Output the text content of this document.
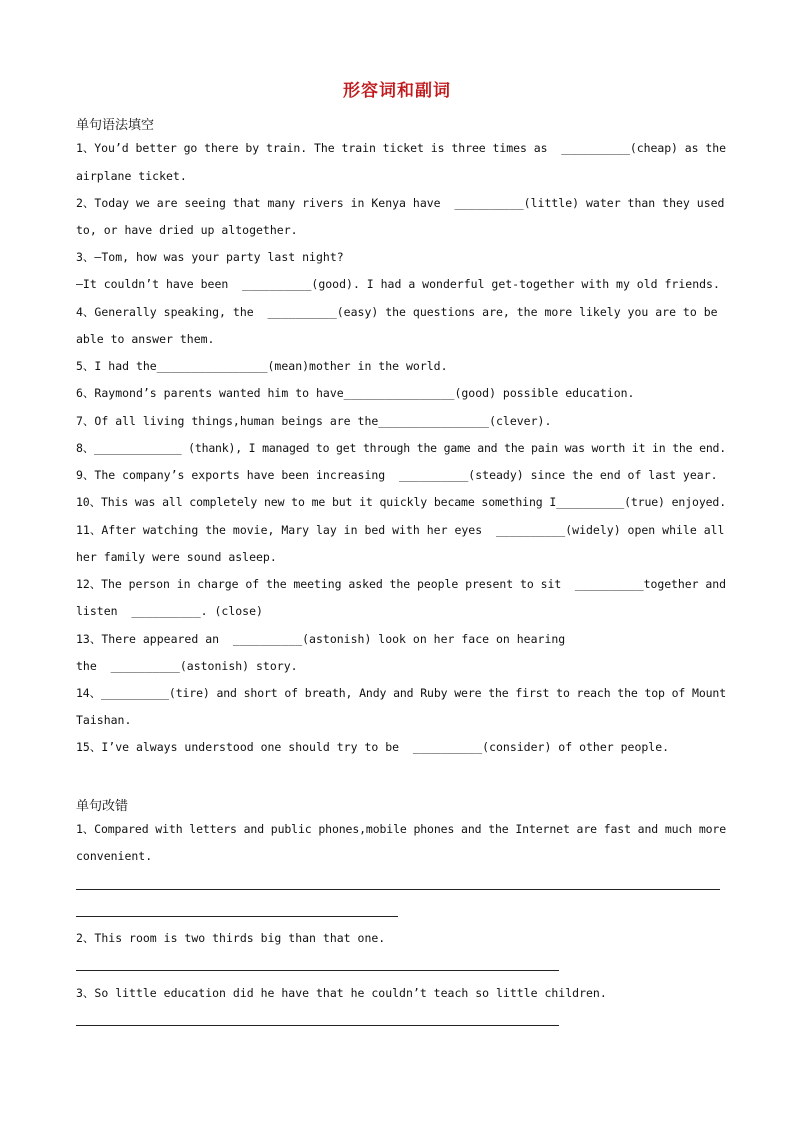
形容词和副词
单句语法填空
1、You’d better go there by train. The train ticket is three times as  __________(cheap) as the
airplane ticket.
2、Today we are seeing that many rivers in Kenya have  __________(little) water than they used
to, or have dried up altogether.
3、—Tom, how was your party last night?
—It couldn’t have been  __________(good). I had a wonderful get-together with my old friends.
4、Generally speaking, the  __________(easy) the questions are, the more likely you are to be
able to answer them.
5、I had the________________(mean)mother in the world.
6、Raymond’s parents wanted him to have________________(good) possible education.
7、Of all living things,human beings are the________________(clever).
8、_____________ (thank), I managed to get through the game and the pain was worth it in the end.
9、The company’s exports have been increasing  __________(steady) since the end of last year.
10、This was all completely new to me but it quickly became something I__________(true) enjoyed.
11、After watching the movie, Mary lay in bed with her eyes  __________(widely) open while all
her family were sound asleep.
12、The person in charge of the meeting asked the people present to sit  __________together and
listen  __________. (close)
13、There appeared an  __________(astonish) look on her face on hearing
the  __________(astonish) story.
14、__________(tire) and short of breath, Andy and Ruby were the first to reach the top of Mount
Taishan.
15、I’ve always understood one should try to be  __________(consider) of other people.
单句改错
1、Compared with letters and public phones,mobile phones and the Internet are fast and much more
convenient.
2、This room is two thirds big than that one.
3、So little education did he have that he couldn’t teach so little children.
